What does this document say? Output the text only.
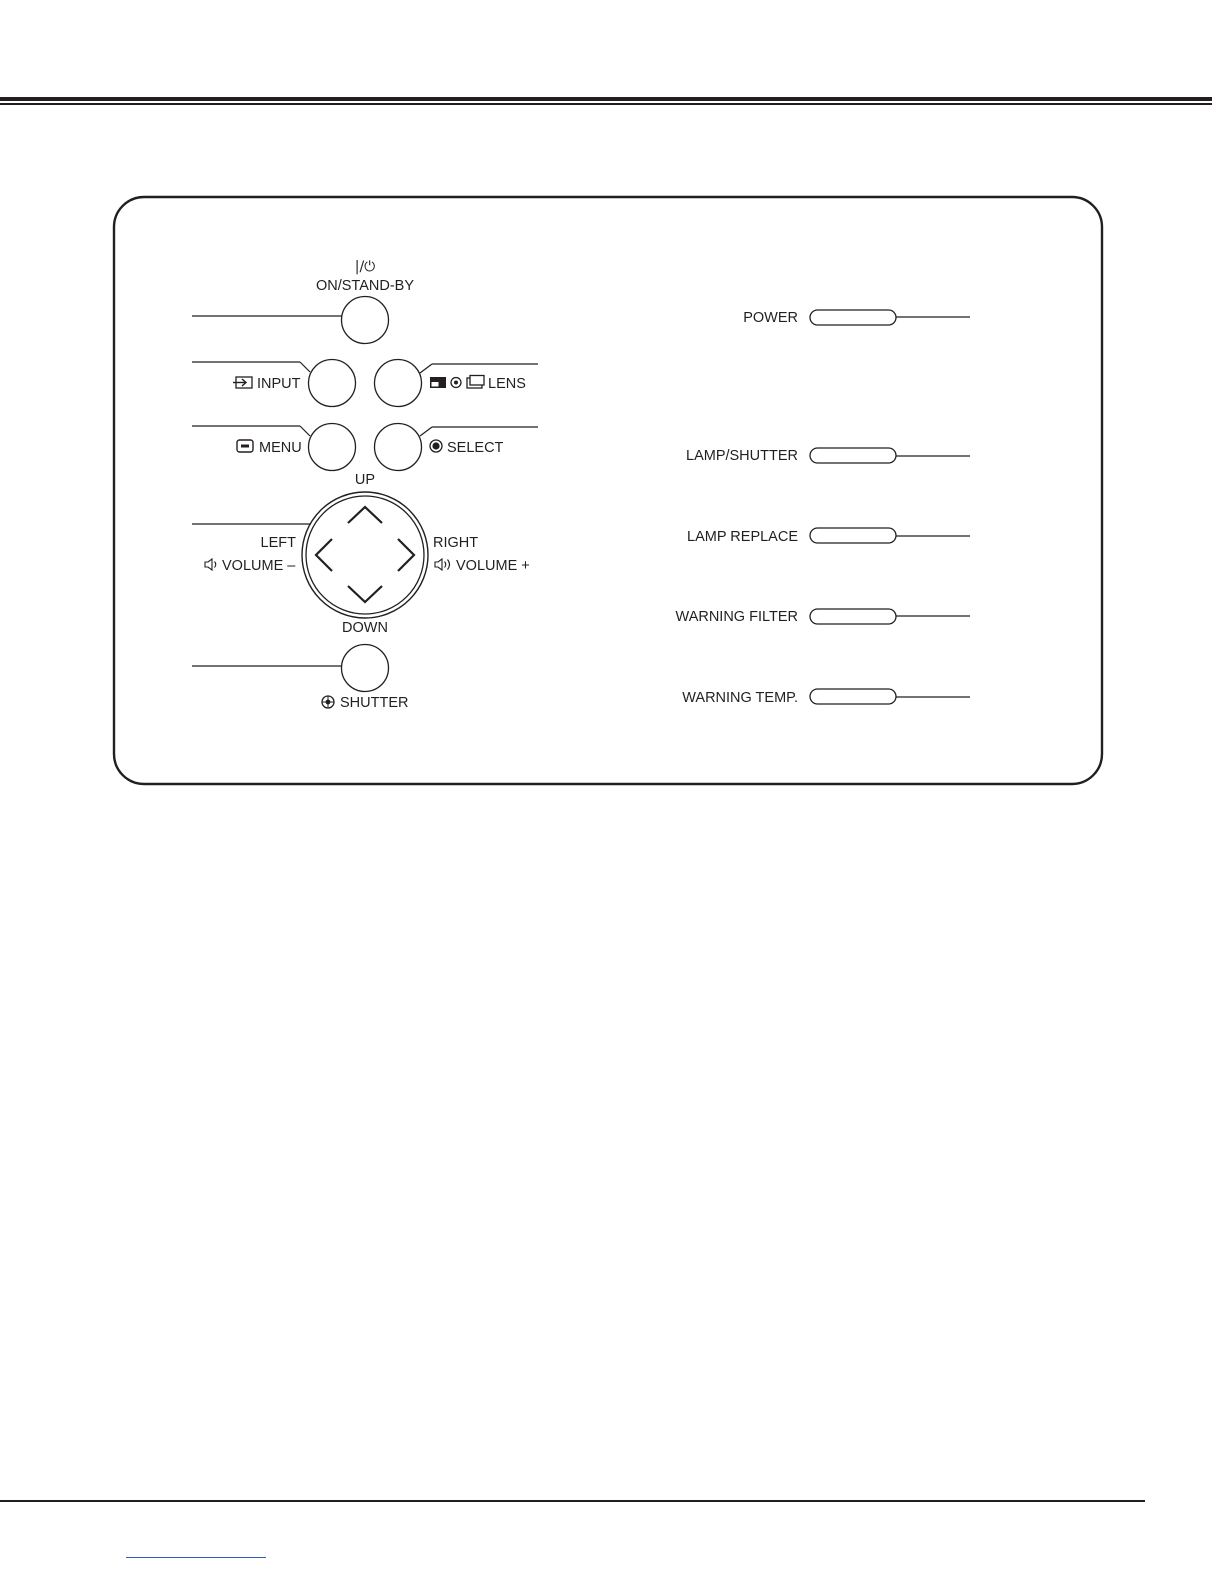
|/⏻
ON/STAND-BY
INPUT	LENS
MENU	SELECT
UP
LEFT
VOLUME –
RIGHT
VOLUME +
DOWN
SHUTTER
POWER
LAMP/SHUTTER
LAMP REPLACE
WARNING FILTER
WARNING TEMP.
